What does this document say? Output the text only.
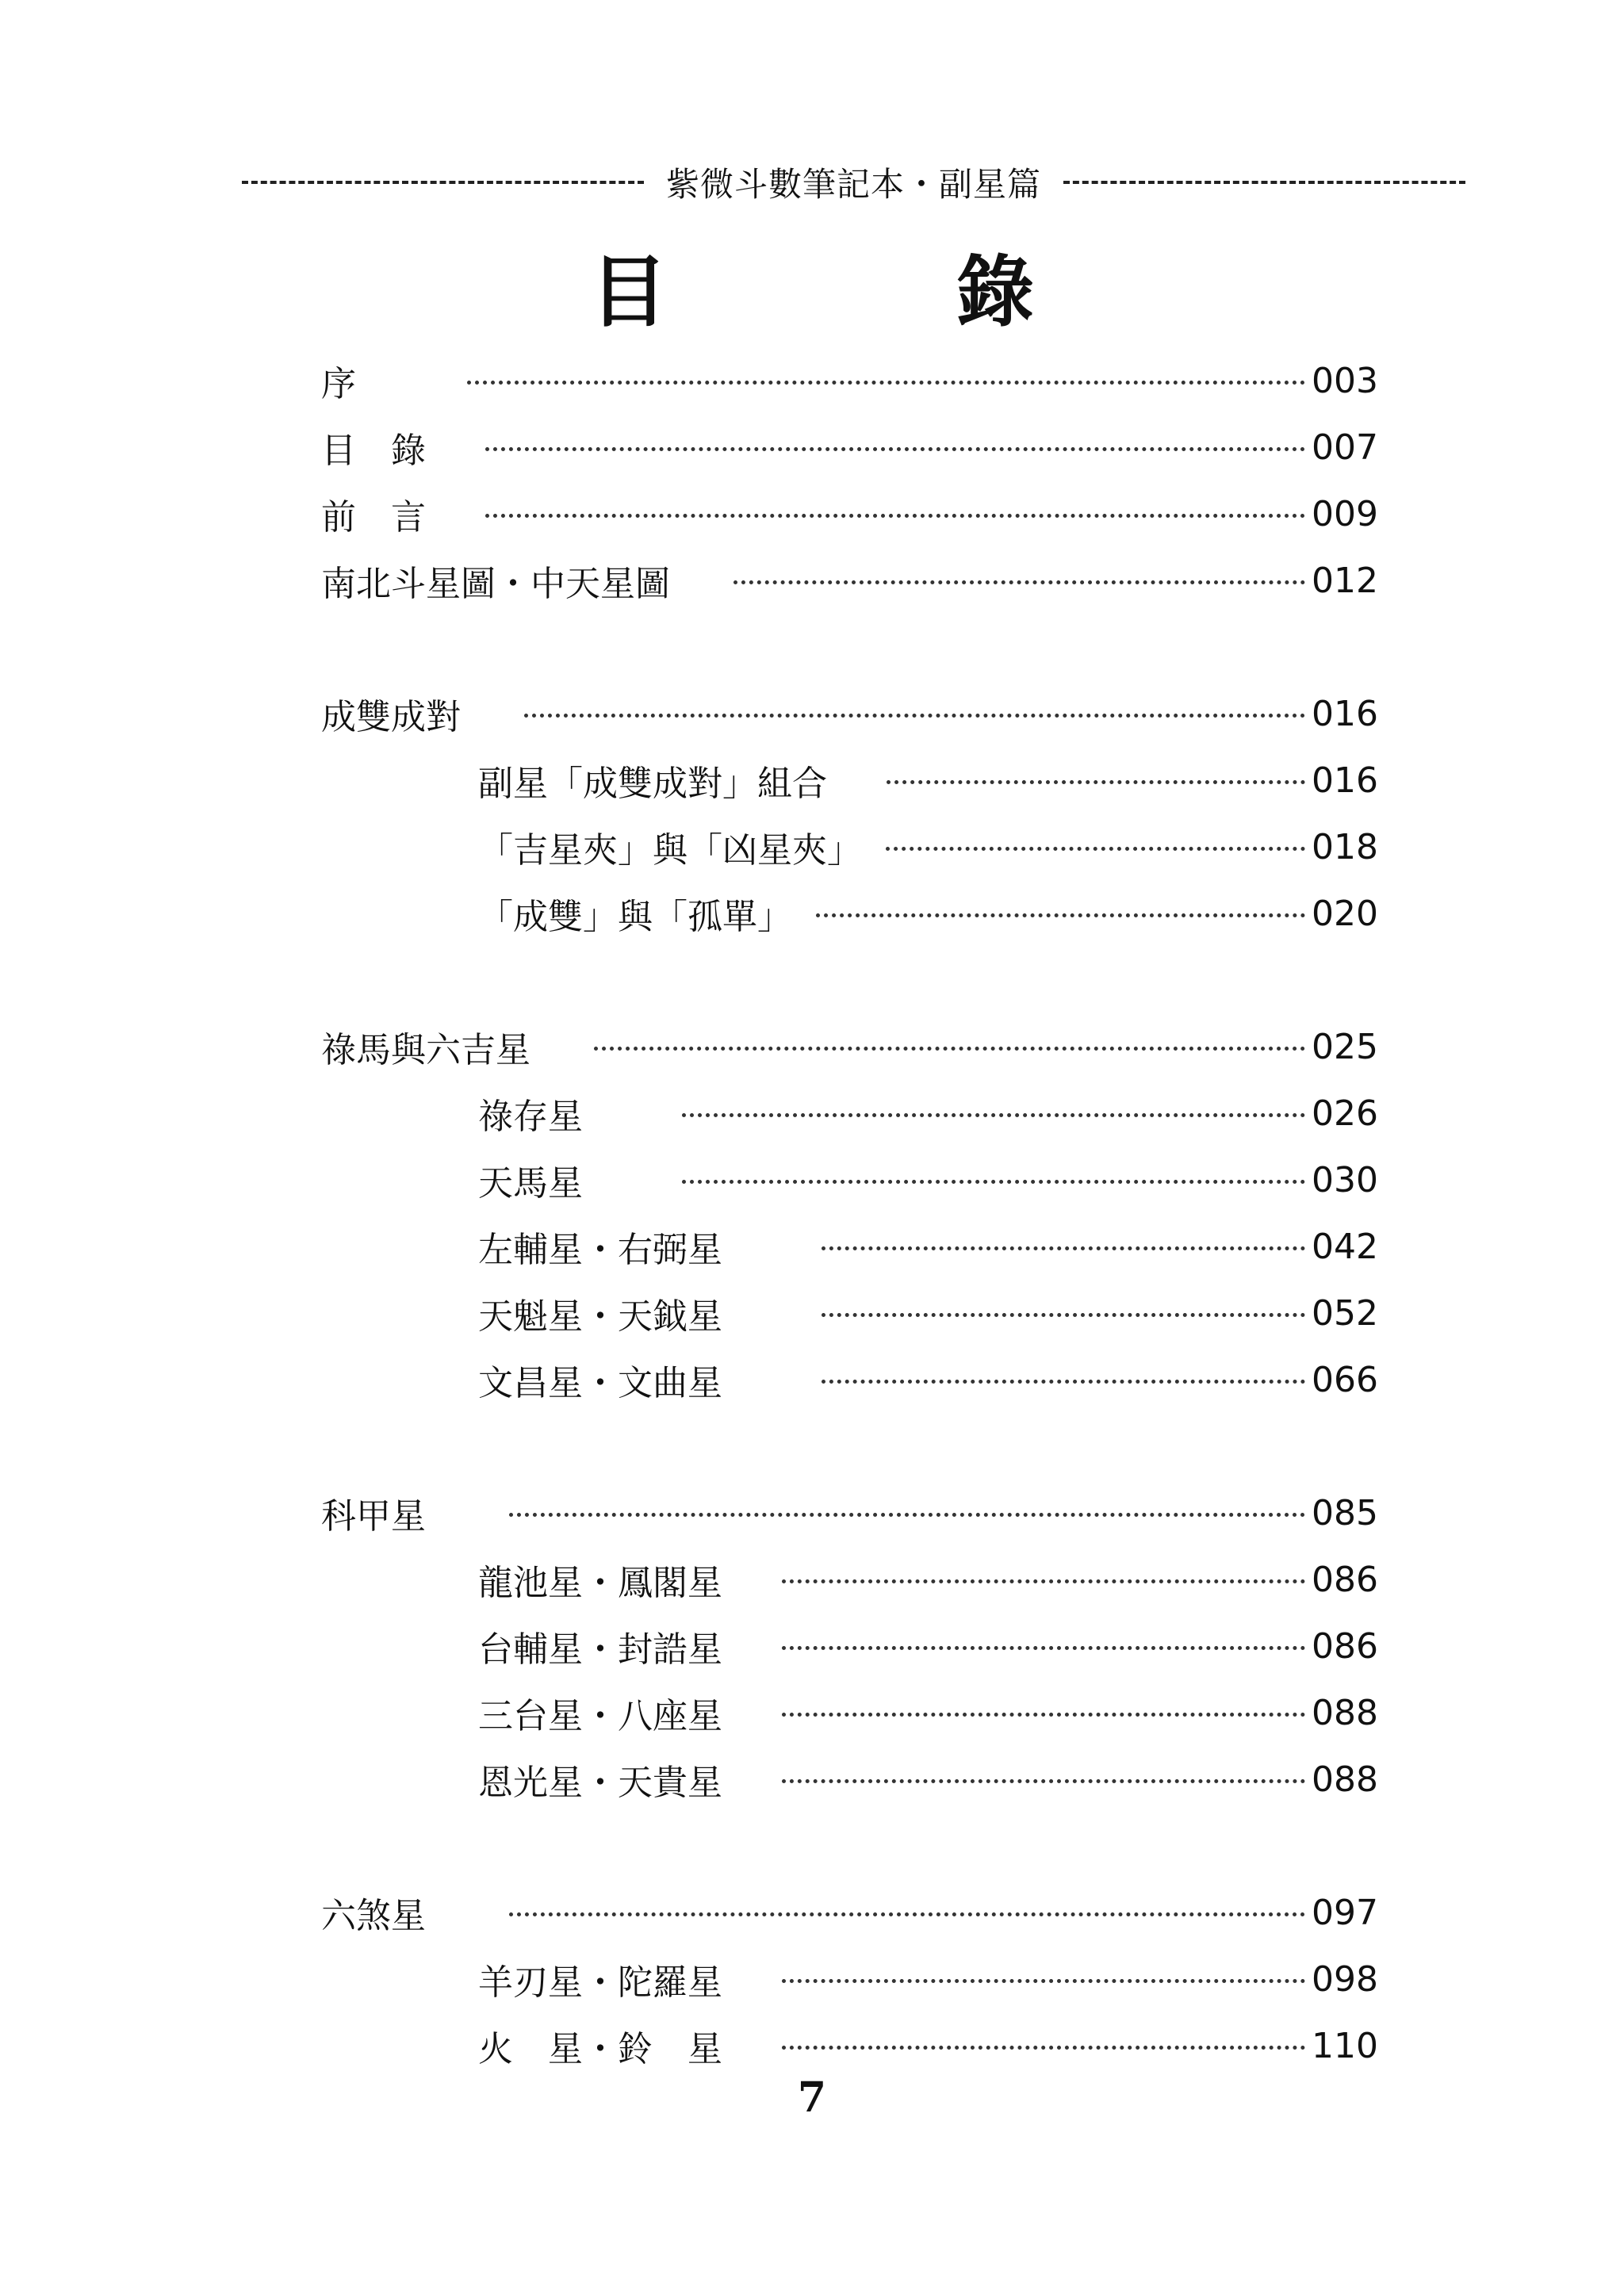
紫微斗數筆記本・副星篇
目 錄
序	003
目　錄	007
前　言	009
南北斗星圖・中天星圖	012
成雙成對	016
副星「成雙成對」組合	016
「吉星夾」與「凶星夾」	018
「成雙」與「孤單」	020
祿馬與六吉星	025
祿存星	026
天馬星	030
左輔星・右弼星	042
天魁星・天鉞星	052
文昌星・文曲星	066
科甲星	085
龍池星・鳳閣星	086
台輔星・封誥星	086
三台星・八座星	088
恩光星・天貴星	088
六煞星	097
羊刃星・陀羅星	098
火　星・鈴　星	110
7
